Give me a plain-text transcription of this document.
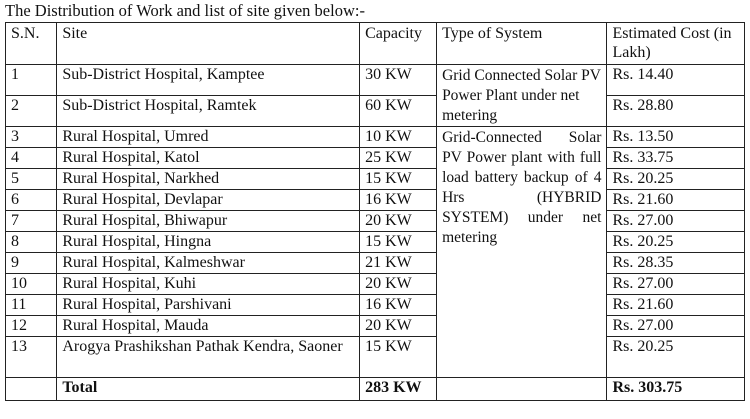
The Distribution of Work and list of site given below:-
S.N.	Site	Capacity	Type of System	Estimated Cost (in Lakh)
1	Sub-District Hospital, Kamptee	30 KW	Grid Connected Solar PV Power Plant under net metering	Rs. 14.40
2	Sub-District Hospital, Ramtek	60 KW		Rs. 28.80
3	Rural Hospital, Umred	10 KW	Grid-Connected Solar PV Power plant with full load battery backup of 4 Hrs (HYBRID SYSTEM) under net metering	Rs. 13.50
4	Rural Hospital, Katol	25 KW		Rs. 33.75
5	Rural Hospital, Narkhed	15 KW		Rs. 20.25
6	Rural Hospital, Devlapar	16 KW		Rs. 21.60
7	Rural Hospital, Bhiwapur	20 KW		Rs. 27.00
8	Rural Hospital, Hingna	15 KW		Rs. 20.25
9	Rural Hospital, Kalmeshwar	21 KW		Rs. 28.35
10	Rural Hospital, Kuhi	20 KW		Rs. 27.00
11	Rural Hospital, Parshivani	16 KW		Rs. 21.60
12	Rural Hospital, Mauda	20 KW		Rs. 27.00
13	Arogya Prashikshan Pathak Kendra, Saoner	15 KW		Rs. 20.25
	Total	283 KW		Rs. 303.75
